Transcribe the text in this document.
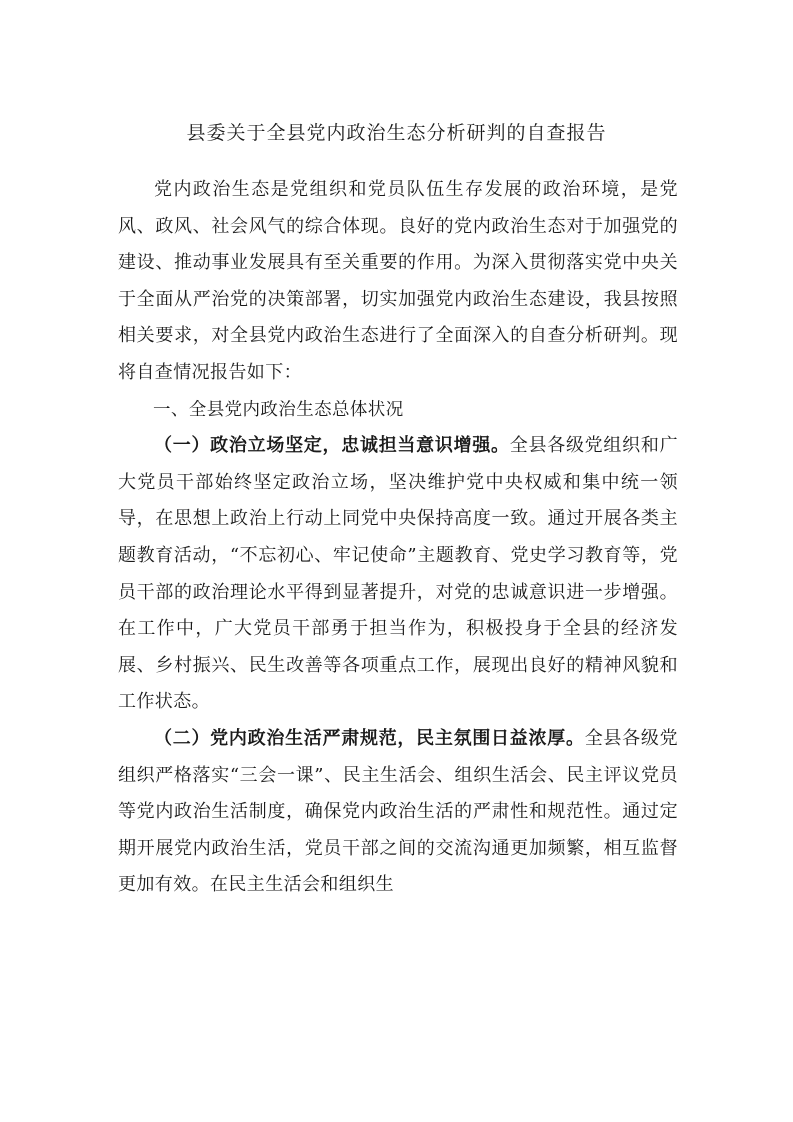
县委关于全县党内政治生态分析研判的自查报告

党内政治生态是党组织和党员队伍生存发展的政治环境，是党风、政风、社会风气的综合体现。良好的党内政治生态对于加强党的建设、推动事业发展具有至关重要的作用。为深入贯彻落实党中央关于全面从严治党的决策部署，切实加强党内政治生态建设，我县按照相关要求，对全县党内政治生态进行了全面深入的自查分析研判。现将自查情况报告如下：

一、全县党内政治生态总体状况

（一）政治立场坚定，忠诚担当意识增强。全县各级党组织和广大党员干部始终坚定政治立场，坚决维护党中央权威和集中统一领导，在思想上政治上行动上同党中央保持高度一致。通过开展各类主题教育活动，“不忘初心、牢记使命”主题教育、党史学习教育等，党员干部的政治理论水平得到显著提升，对党的忠诚意识进一步增强。在工作中，广大党员干部勇于担当作为，积极投身于全县的经济发展、乡村振兴、民生改善等各项重点工作，展现出良好的精神风貌和工作状态。

（二）党内政治生活严肃规范，民主氛围日益浓厚。全县各级党组织严格落实“三会一课”、民主生活会、组织生活会、民主评议党员等党内政治生活制度，确保党内政治生活的严肃性和规范性。通过定期开展党内政治生活，党员干部之间的交流沟通更加频繁，相互监督更加有效。在民主生活会和组织生
